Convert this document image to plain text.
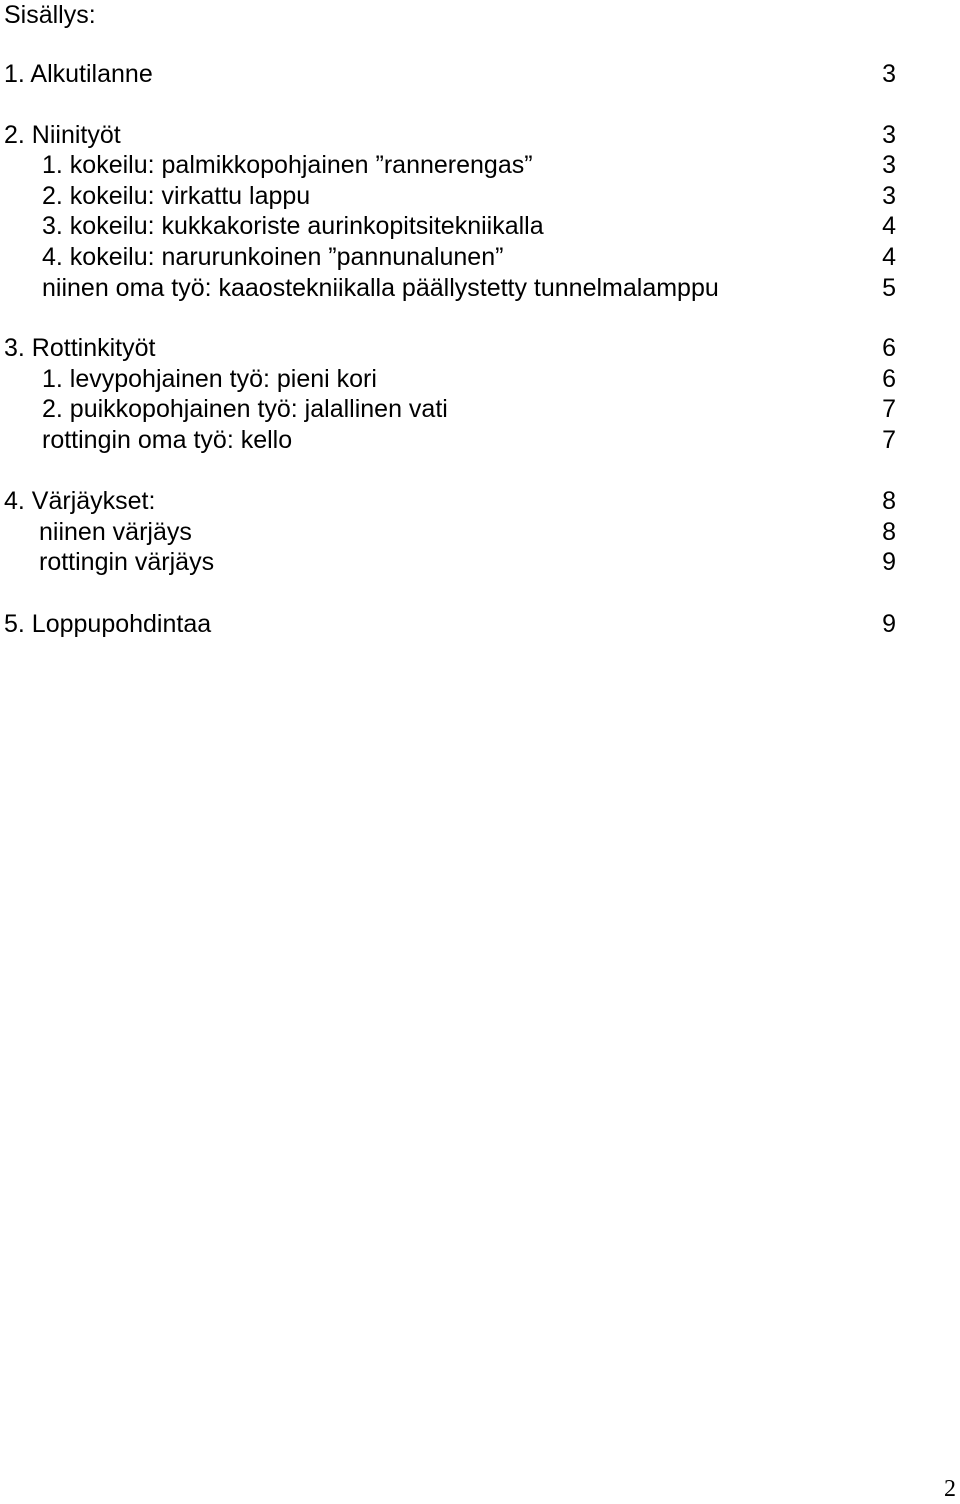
Sisällys:
1. Alkutilanne	3
2. Niinityöt	3
1. kokeilu: palmikkopohjainen ”rannerengas”	3
2. kokeilu: virkattu lappu	3
3. kokeilu: kukkakoriste aurinkopitsitekniikalla	4
4. kokeilu: narurunkoinen ”pannunalunen”	4
niinen oma työ: kaaostekniikalla päällystetty tunnelmalamppu	5
3. Rottinkityöt	6
1. levypohjainen työ: pieni kori	6
2. puikkopohjainen työ: jalallinen vati	7
rottingin oma työ: kello	7
4. Värjäykset:	8
niinen värjäys	8
rottingin värjäys	9
5. Loppupohdintaa	9
2
